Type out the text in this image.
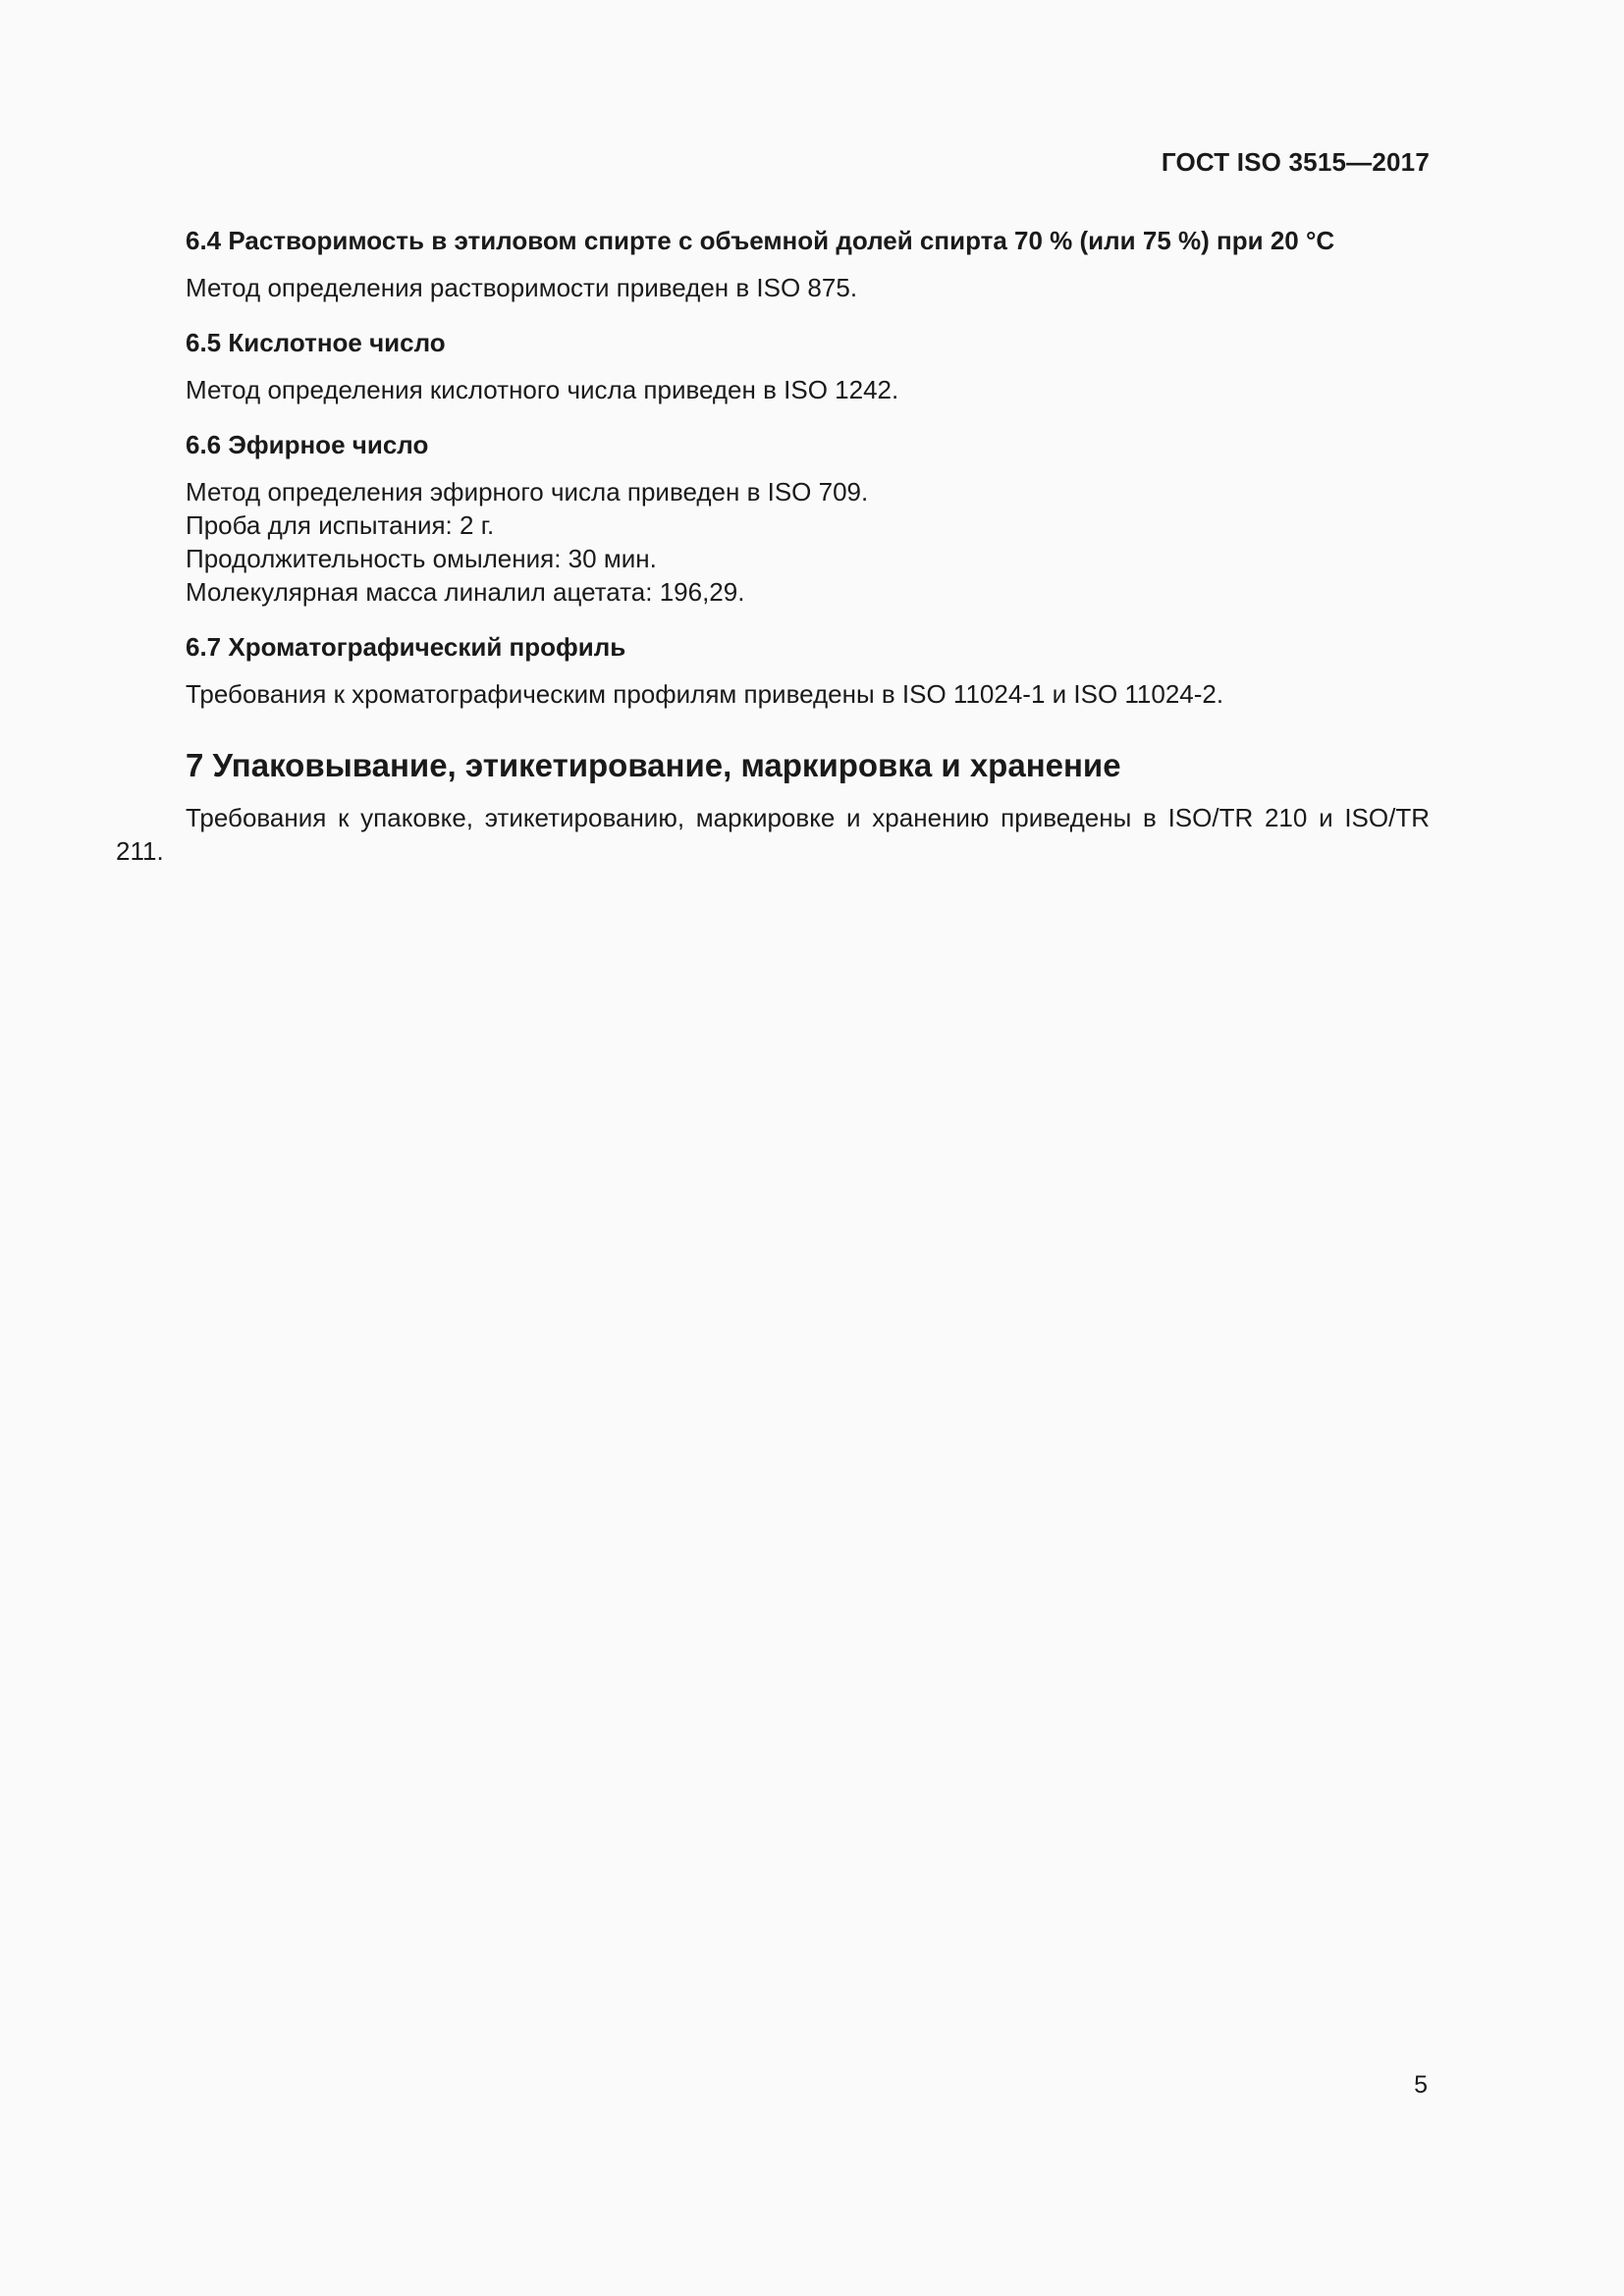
ГОСТ ISO 3515—2017

6.4 Растворимость в этиловом спирте с объемной долей спирта 70 % (или 75 %) при 20 °С

Метод определения растворимости приведен в ISO 875.

6.5 Кислотное число

Метод определения кислотного числа приведен в ISO 1242.

6.6 Эфирное число

Метод определения эфирного числа приведен в ISO 709.

Проба для испытания: 2 г.

Продолжительность омыления: 30 мин.

Молекулярная масса линалил ацетата: 196,29.

6.7 Хроматографический профиль

Требования к хроматографическим профилям приведены в ISO 11024-1 и ISO 11024-2.

7 Упаковывание, этикетирование, маркировка и хранение

Требования к упаковке, этикетированию, маркировке и хранению приведены в ISO/TR 210 и ISO/TR 211.

5
